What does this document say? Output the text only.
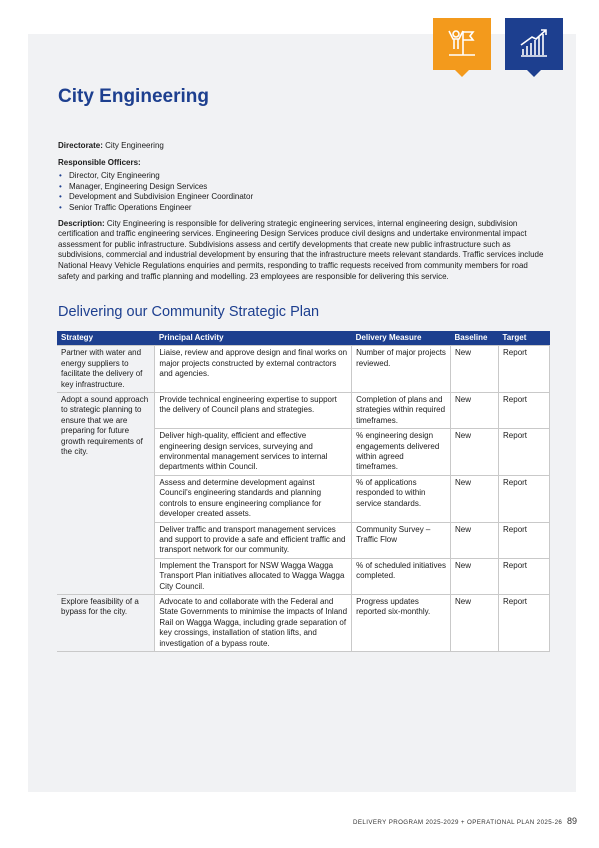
City Engineering

Directorate: City Engineering

Responsible Officers:

• Director, City Engineering
• Manager, Engineering Design Services
• Development and Subdivision Engineer Coordinator
• Senior Traffic Operations Engineer

Description: City Engineering is responsible for delivering strategic engineering services, internal engineering design, subdivision certification and traffic engineering services. Engineering Design Services produce civil designs and undertake environmental impact assessment for public infrastructure. Subdivisions assess and certify developments that create new public infrastructure such as subdivisions, commercial and industrial development by ensuring that the infrastructure meets relevant standards. Traffic services include National Heavy Vehicle Regulations enquiries and permits, responding to traffic requests received from community members for road safety and parking and traffic planning and modelling. 23 employees are responsible for delivering this service.

Delivering our Community Strategic Plan
Strategy	Principal Activity	Delivery Measure	Baseline	Target
Partner with water and energy suppliers to facilitate the delivery of key infrastructure.	Liaise, review and approve design and final works on major projects constructed by external contractors and agencies.	Number of major projects reviewed.	New	Report
Adopt a sound approach to strategic planning to ensure that we are preparing for future growth requirements of the city.	Provide technical engineering expertise to support the delivery of Council plans and strategies.	Completion of plans and strategies within required timeframes.	New	Report
	Deliver high-quality, efficient and effective engineering design services, surveying and environmental management services to internal departments within Council.	% engineering design engagements delivered within agreed timeframes.	New	Report
	Assess and determine development against Council's engineering standards and planning controls to ensure engineering compliance for developer created assets.	% of applications responded to within service standards.	New	Report
	Deliver traffic and transport management services and support to provide a safe and efficient traffic and transport network for our community.	Community Survey – Traffic Flow	New	Report
	Implement the Transport for NSW Wagga Wagga Transport Plan initiatives allocated to Wagga Wagga City Council.	% of scheduled initiatives completed.	New	Report
Explore feasibility of a bypass for the city.	Advocate to and collaborate with the Federal and State Governments to minimise the impacts of Inland Rail on Wagga Wagga, including grade separation of key crossings, installation of station lifts, and investigation of a bypass route.	Progress updates reported six-monthly.	New	Report
DELIVERY PROGRAM 2025-2029 + OPERATIONAL PLAN 2025-26 89
